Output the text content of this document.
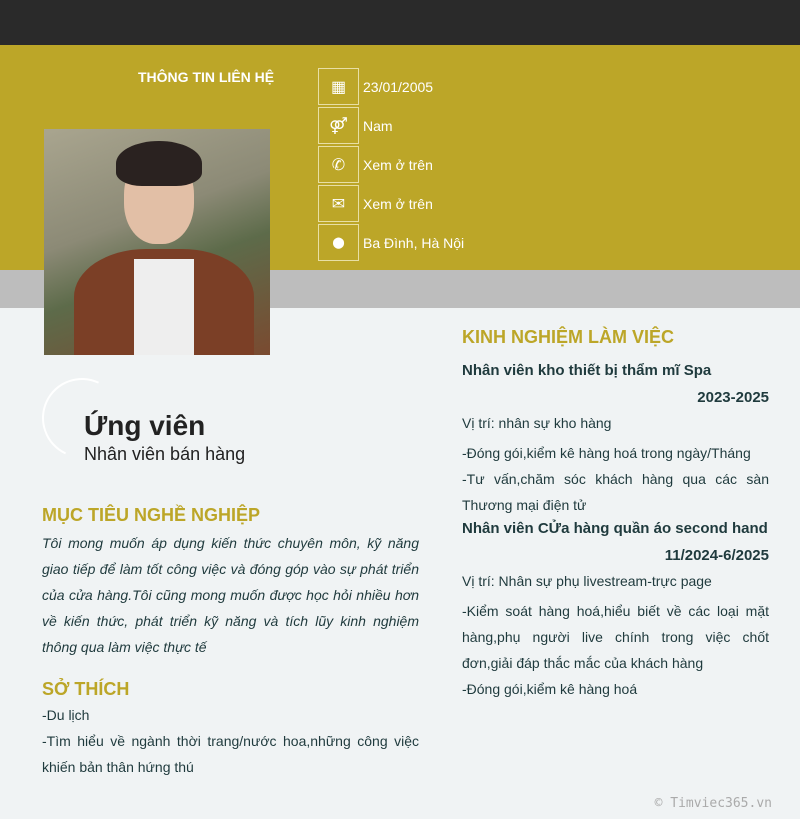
THÔNG TIN LIÊN HỆ
▦	23/01/2005
⚤	Nam
✆	Xem ở trên
✉	Xem ở trên
⬤	Ba Đình, Hà Nội
Ứng viên
Nhân viên bán hàng
MỤC TIÊU NGHỀ NGHIỆP
Tôi mong muốn áp dụng kiến thức chuyên môn, kỹ năng giao tiếp để làm tốt công việc và đóng góp vào sự phát triển của cửa hàng.Tôi cũng mong muốn được học hỏi nhiều hơn về kiến thức, phát triển kỹ năng và tích lũy kinh nghiệm thông qua làm việc thực tế
SỞ THÍCH
-Du lịch
-Tìm hiểu về ngành thời trang/nước hoa,những công việc khiến bản thân hứng thú
KINH NGHIỆM LÀM VIỆC
Nhân viên kho thiết bị thẩm mĩ Spa
2023-2025
Vị trí: nhân sự kho hàng
-Đóng gói,kiểm kê hàng hoá trong ngày/Tháng
-Tư vấn,chăm sóc khách hàng qua các sàn Thương mại điện tử
Nhân viên CỬa hàng quần áo second hand
11/2024-6/2025
Vị trí: Nhân sự phụ livestream-trực page
-Kiểm soát hàng hoá,hiểu biết về các loại mặt hàng,phụ người live chính trong việc chốt đơn,giải đáp thắc mắc của khách hàng
-Đóng gói,kiểm kê hàng hoá
© Timviec365.vn
